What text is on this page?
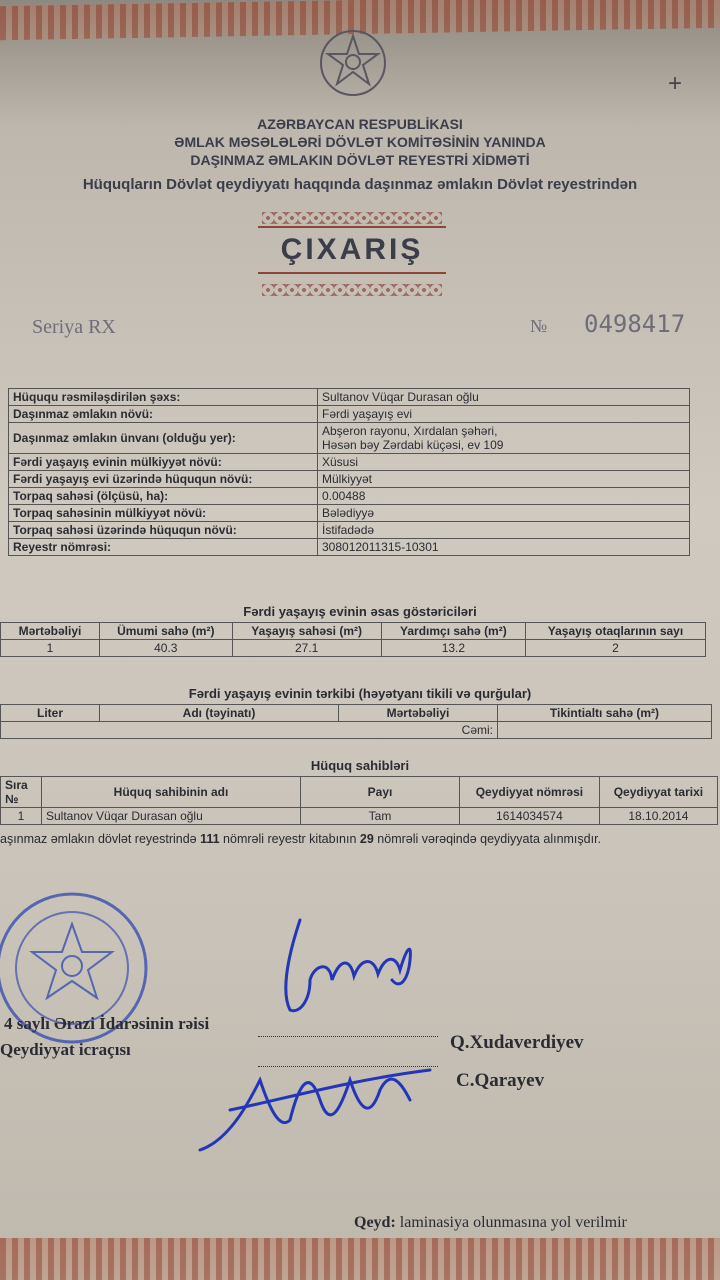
+
AZƏRBAYCAN RESPUBLİKASI
ƏMLAK MƏSƏLƏLƏRİ DÖVLƏT KOMİTƏSİNİN YANINDA
DAŞINMAZ ƏMLAKIN DÖVLƏT REYESTRİ XİDMƏTİ
Hüquqların Dövlət qeydiyyatı haqqında daşınmaz əmlakın Dövlət reyestrindən
ÇIXARIŞ
Seriya RX	№ 0498417
Hüququ rəsmiləşdirilən şəxs:	Sultanov Vüqar Durasan oğlu
Daşınmaz əmlakın növü:	Fərdi yaşayış evi
Daşınmaz əmlakın ünvanı (olduğu yer):	Abşeron rayonu, Xırdalan şəhəri,
Həsən bəy Zərdabi küçəsi, ev 109

Fərdi yaşayış evinin mülkiyyət növü:	Xüsusi
Fərdi yaşayış evi üzərində hüququn növü:	Mülkiyyət
Torpaq sahəsi (ölçüsü, ha):	0.00488
Torpaq sahəsinin mülkiyyət növü:	Bələdiyyə
Torpaq sahəsi üzərində hüququn növü:	İstifadədə
Reyestr nömrəsi:	308012011315-10301
Fərdi yaşayış evinin əsas göstəriciləri
Mərtəbəliyi	Ümumi sahə (m²)	Yaşayış sahəsi (m²)	Yardımçı sahə (m²)	Yaşayış otaqlarının sayı
1	40.3	27.1	13.2	2
Fərdi yaşayış evinin tərkibi (həyətyanı tikili və qurğular)
Liter	Adı (təyinatı)	Mərtəbəliyi	Tikintialtı sahə (m²)
Cəmi:			
Hüquq sahibləri
Sıra №	Hüquq sahibinin adı	Payı	Qeydiyyat nömrəsi	Qeydiyyat tarixi
1	Sultanov Vüqar Durasan oğlu	Tam	1614034574	18.10.2014
aşınmaz əmlakın dövlət reyestrində 111 nömrəli reyestr kitabının 29 nömrəli vərəqində qeydiyyata alınmışdır.
4 saylı Ərazi İdarəsinin rəisi
Qeydiyyat icraçısı	Q.Xudaverdiyev
C.Qarayev
Qeyd: laminasiya olunmasına yol verilmir
